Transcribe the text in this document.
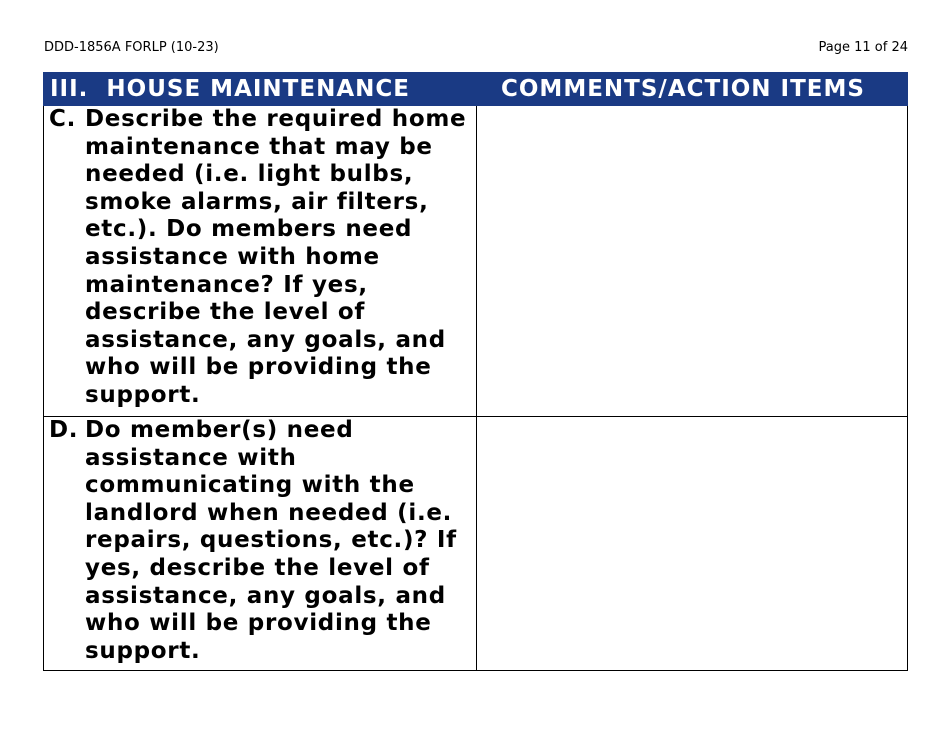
DDD-1856A FORLP (10-23)	Page 11 of 24
III.  HOUSE MAINTENANCE	COMMENTS/ACTION ITEMS

C. Describe the required home maintenance that may be needed (i.e. light bulbs, smoke alarms, air filters, etc.). Do members need assistance with home maintenance? If yes, describe the level of assistance, any goals, and who will be providing the support.	

D. Do member(s) need assistance with communicating with the landlord when needed (i.e. repairs, questions, etc.)? If yes, describe the level of assistance, any goals, and who will be providing the support.	
